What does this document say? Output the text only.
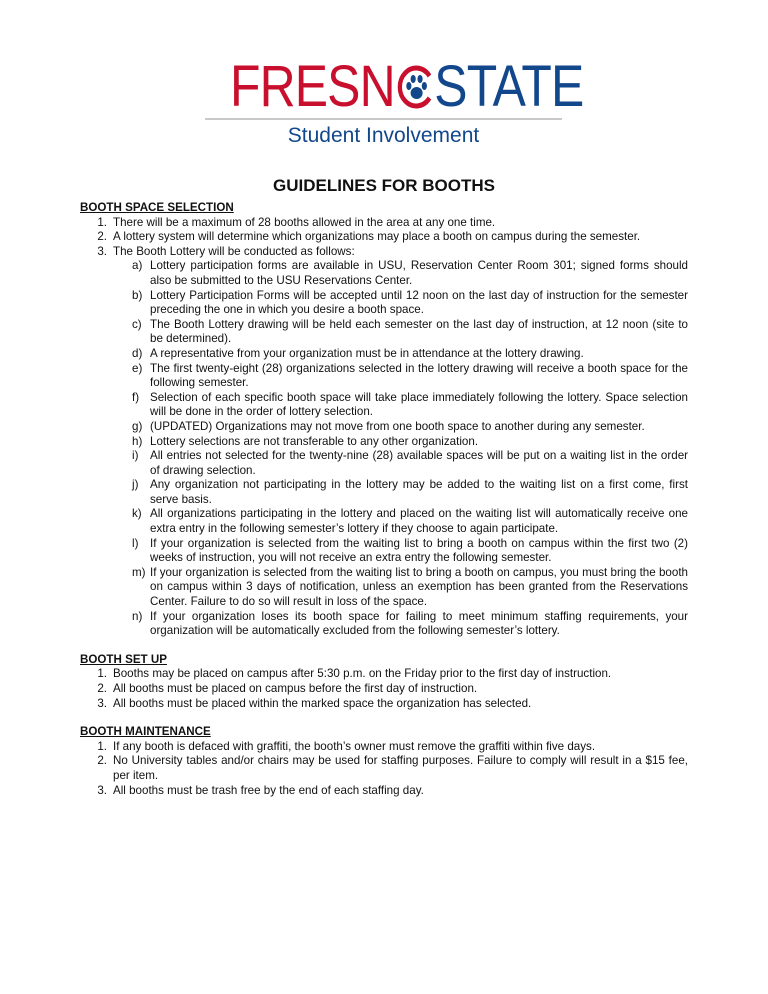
FRESN STATE
Student Involvement
GUIDELINES FOR BOOTHS
BOOTH SPACE SELECTION
1. There will be a maximum of 28 booths allowed in the area at any one time.
2. A lottery system will determine which organizations may place a booth on campus during the semester.
3. The Booth Lottery will be conducted as follows:
a) Lottery participation forms are available in USU, Reservation Center Room 301; signed forms should also be submitted to the USU Reservations Center.
b) Lottery Participation Forms will be accepted until 12 noon on the last day of instruction for the semester preceding the one in which you desire a booth space.
c) The Booth Lottery drawing will be held each semester on the last day of instruction, at 12 noon (site to be determined).
d) A representative from your organization must be in attendance at the lottery drawing.
e) The first twenty-eight (28) organizations selected in the lottery drawing will receive a booth space for the following semester.
f) Selection of each specific booth space will take place immediately following the lottery. Space selection will be done in the order of lottery selection.
g) (UPDATED) Organizations may not move from one booth space to another during any semester.
h) Lottery selections are not transferable to any other organization.
i) All entries not selected for the twenty-nine (28) available spaces will be put on a waiting list in the order of drawing selection.
j) Any organization not participating in the lottery may be added to the waiting list on a first come, first serve basis.
k) All organizations participating in the lottery and placed on the waiting list will automatically receive one extra entry in the following semester’s lottery if they choose to again participate.
l) If your organization is selected from the waiting list to bring a booth on campus within the first two (2) weeks of instruction, you will not receive an extra entry the following semester.
m) If your organization is selected from the waiting list to bring a booth on campus, you must bring the booth on campus within 3 days of notification, unless an exemption has been granted from the Reservations Center. Failure to do so will result in loss of the space.
n) If your organization loses its booth space for failing to meet minimum staffing requirements, your organization will be automatically excluded from the following semester’s lottery.
BOOTH SET UP
1. Booths may be placed on campus after 5:30 p.m. on the Friday prior to the first day of instruction.
2. All booths must be placed on campus before the first day of instruction.
3. All booths must be placed within the marked space the organization has selected.
BOOTH MAINTENANCE
1. If any booth is defaced with graffiti, the booth’s owner must remove the graffiti within five days.
2. No University tables and/or chairs may be used for staffing purposes. Failure to comply will result in a $15 fee, per item.
3. All booths must be trash free by the end of each staffing day.
